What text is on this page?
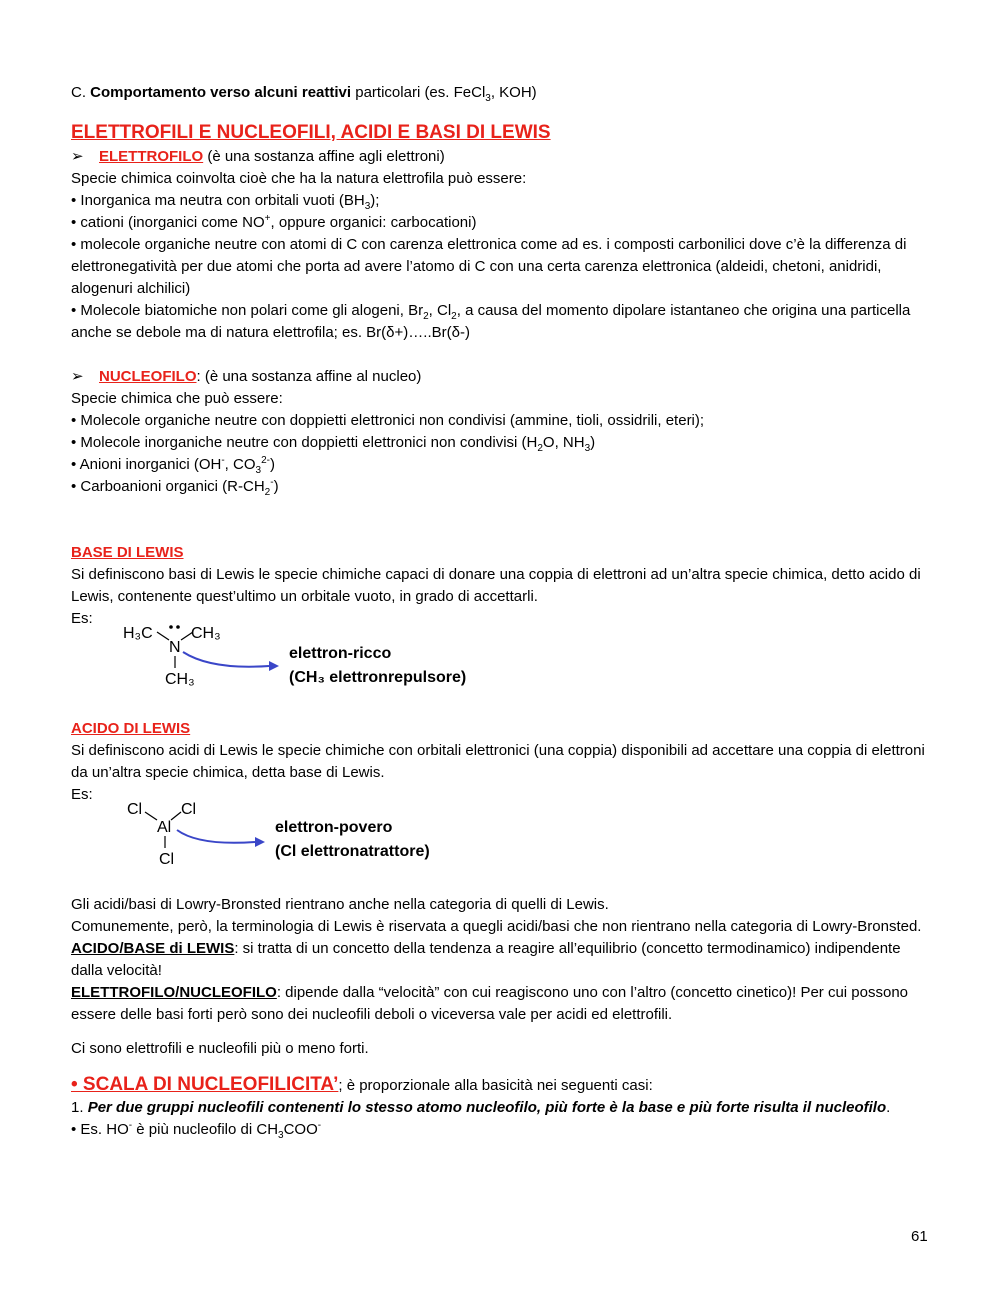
C. Comportamento verso alcuni reattivi particolari (es. FeCl$_3$, KOH)

ELETTROFILI E NUCLEOFILI, ACIDI E BASI DI LEWIS

➢ ELETTROFILO (è una sostanza affine agli elettroni)

Specie chimica coinvolta cioè che ha la natura elettrofila può essere:

• Inorganica ma neutra con orbitali vuoti $(BH_3)$;

• cationi (inorganici come NO+, oppure organici: carbocationi)

• molecole organiche neutre con atomi di C con carenza elettronica come ad es. i composti carbonilici dove c’è la differenza di elettronegatività per due atomi che porta ad avere l’atomo di C con una certa carenza elettronica (aldeidi, chetoni, anidridi, alogenuri alchilici)

• Molecole biatomiche non polari come gli alogeni, $Br_2$, $Cl_2$, a causa del momento dipolare istantaneo che origina una particella anche se debole ma di natura elettrofila; es. Br(δ+)…..Br(δ-)

➢ NUCLEOFILO: (è una sostanza affine al nucleo)

Specie chimica che può essere:

• Molecole organiche neutre con doppietti elettronici non condivisi (ammine, tioli, ossidrili, eteri);

• Molecole inorganiche neutre con doppietti elettronici non condivisi ($H_2O$, $NH_3$)

• Anioni inorganici (OH-, $CO_3^{2-}$)

• Carboanioni organici $(R-CH_2^-)$

BASE DI LEWIS

Si definiscono basi di Lewis le specie chimiche capaci di donare una coppia di elettroni ad un’altra specie chimica, detto acido di Lewis, contenente quest’ultimo un orbitale vuoto, in grado di accettarli.

Es:

H₃C
N
CH₃
CH₃
elettron-ricco
(CH₃ elettronrepulsore)

ACIDO DI LEWIS

Si definiscono acidi di Lewis le specie chimiche con orbitali elettronici (una coppia) disponibili ad accettare una coppia di elettroni da un’altra specie chimica, detta base di Lewis.

Es:

Cl
Al
Cl
Cl
elettron-povero
(Cl elettronatrattore)

Gli acidi/basi di Lowry-Bronsted rientrano anche nella categoria di quelli di Lewis.

Comunemente, però, la terminologia di Lewis è riservata a quegli acidi/basi che non rientrano nella categoria di Lowry-Bronsted.

ACIDO/BASE di LEWIS: si tratta di un concetto della tendenza a reagire all’equilibrio (concetto termodinamico) indipendente dalla velocità!

ELETTROFILO/NUCLEOFILO: dipende dalla “velocità” con cui reagiscono uno con l’altro (concetto cinetico)! Per cui possono essere delle basi forti però sono dei nucleofili deboli o viceversa vale per acidi ed elettrofili.

Ci sono elettrofili e nucleofili più o meno forti.

• SCALA DI NUCLEOFILICITA’; è proporzionale alla basicità nei seguenti casi:

1. Per due gruppi nucleofili contenenti lo stesso atomo nucleofilo, più forte è la base e più forte risulta il nucleofilo.

• Es. HO- è più nucleofilo di $CH_3COO^-$

61
